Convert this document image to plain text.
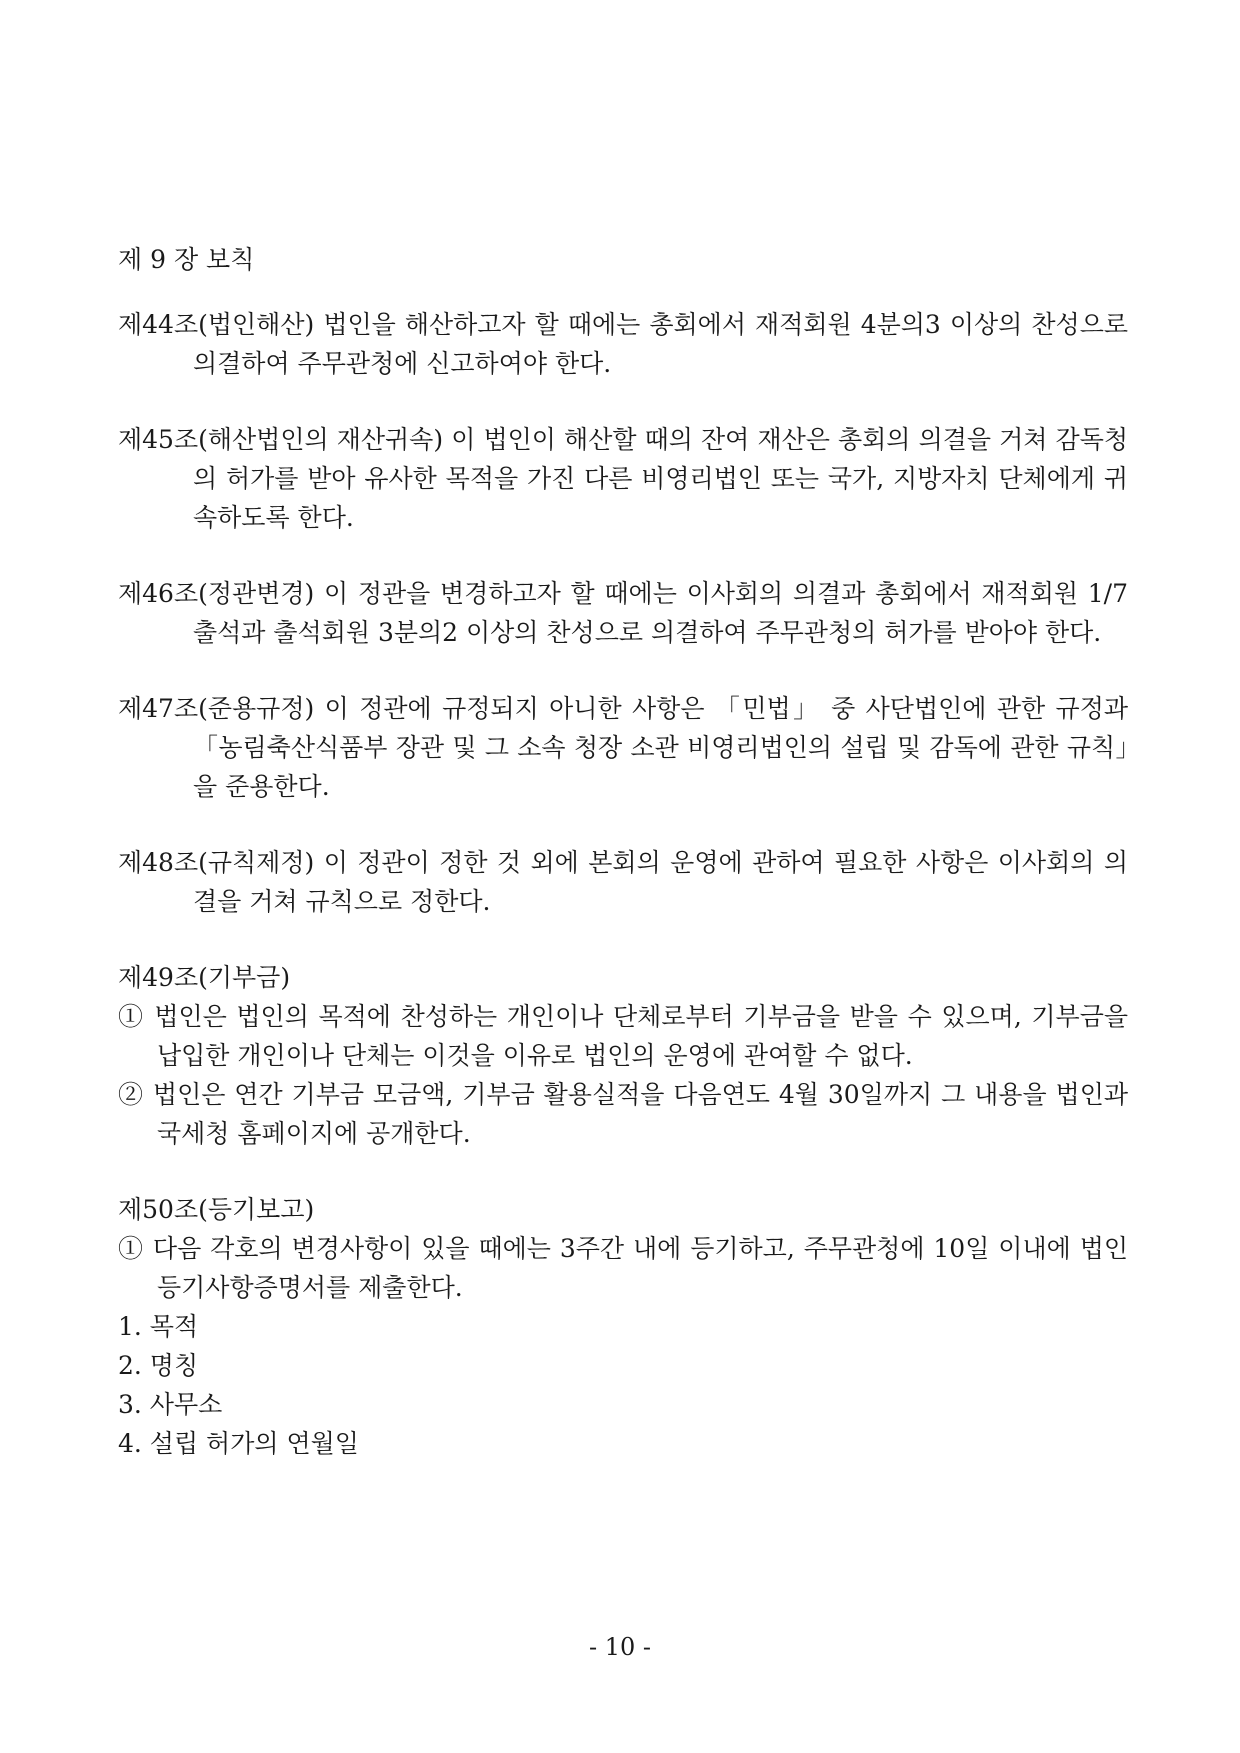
제 9 장 보칙

제44조(법인해산) 법인을 해산하고자 할 때에는 총회에서 재적회원 4분의3 이상의 찬성으로 의결하여 주무관청에 신고하여야 한다.

제45조(해산법인의 재산귀속) 이 법인이 해산할 때의 잔여 재산은 총회의 의결을 거쳐 감독청의 허가를 받아 유사한 목적을 가진 다른 비영리법인 또는 국가, 지방자치 단체에게 귀속하도록 한다.

제46조(정관변경) 이 정관을 변경하고자 할 때에는 이사회의 의결과 총회에서 재적회원 1/7 출석과 출석회원 3분의2 이상의 찬성으로 의결하여 주무관청의 허가를 받아야 한다.

제47조(준용규정) 이 정관에 규정되지 아니한 사항은 「민법」 중 사단법인에 관한 규정과 「농림축산식품부 장관 및 그 소속 청장 소관 비영리법인의 설립 및 감독에 관한 규칙」을 준용한다.

제48조(규칙제정) 이 정관이 정한 것 외에 본회의 운영에 관하여 필요한 사항은 이사회의 의결을 거쳐 규칙으로 정한다.

제49조(기부금)

① 법인은 법인의 목적에 찬성하는 개인이나 단체로부터 기부금을 받을 수 있으며, 기부금을 납입한 개인이나 단체는 이것을 이유로 법인의 운영에 관여할 수 없다.

② 법인은 연간 기부금 모금액, 기부금 활용실적을 다음연도 4월 30일까지 그 내용을 법인과 국세청 홈페이지에 공개한다.

제50조(등기보고)

① 다음 각호의 변경사항이 있을 때에는 3주간 내에 등기하고, 주무관청에 10일 이내에 법인 등기사항증명서를 제출한다.

1. 목적

2. 명칭

3. 사무소

4. 설립 허가의 연월일

- 10 -
